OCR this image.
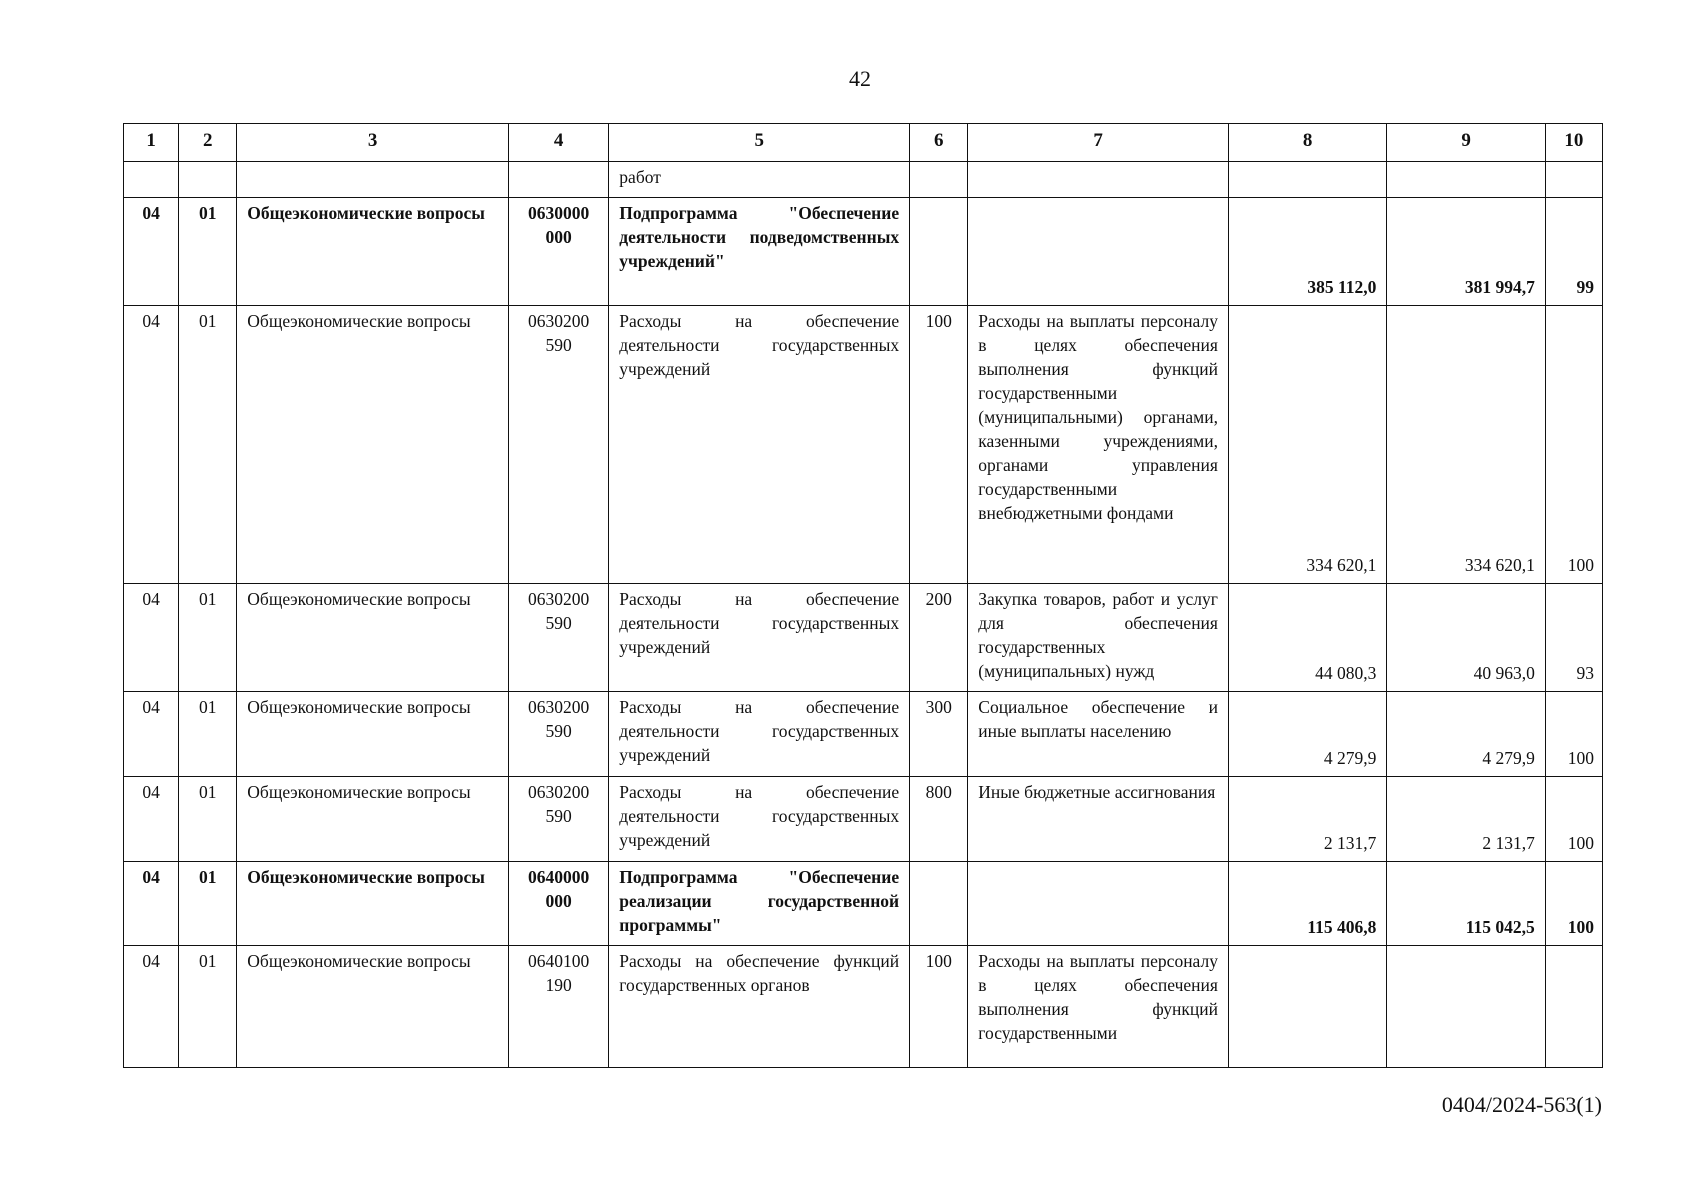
42
1	2	3	4	5	6	7	8	9	10
				работ					
04	01	Общеэкономические вопросы	0630000 000	Подпрограмма "Обеспечение деятельности подведомственных учреждений"			385 112,0	381 994,7	99
04	01	Общеэкономические вопросы	0630200 590	Расходы на обеспечение деятельности государственных учреждений	100	Расходы на выплаты персоналу в целях обеспечения выполнения функций государственными (муниципальными) органами, казенными учреждениями, органами управления государственными внебюджетными фондами	334 620,1	334 620,1	100
04	01	Общеэкономические вопросы	0630200 590	Расходы на обеспечение деятельности государственных учреждений	200	Закупка товаров, работ и услуг для обеспечения государственных (муниципальных) нужд	44 080,3	40 963,0	93
04	01	Общеэкономические вопросы	0630200 590	Расходы на обеспечение деятельности государственных учреждений	300	Социальное обеспечение и иные выплаты населению	4 279,9	4 279,9	100
04	01	Общеэкономические вопросы	0630200 590	Расходы на обеспечение деятельности государственных учреждений	800	Иные бюджетные ассигнования	2 131,7	2 131,7	100
04	01	Общеэкономические вопросы	0640000 000	Подпрограмма "Обеспечение реализации государственной программы"			115 406,8	115 042,5	100
04	01	Общеэкономические вопросы	0640100 190	Расходы на обеспечение функций государственных органов	100	Расходы на выплаты персоналу в целях обеспечения выполнения функций государственными			
0404/2024-563(1)
